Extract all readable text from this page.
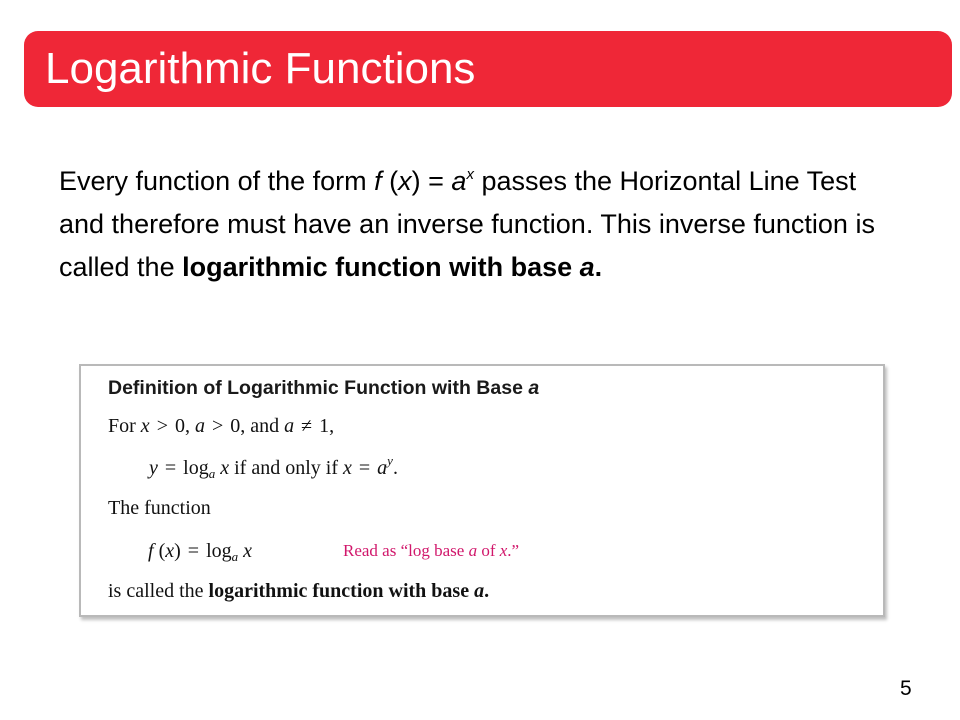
Logarithmic Functions

Every function of the form f $(x) = a^x$ passes the Horizontal Line Test and therefore must have an inverse function. This inverse function is called the logarithmic function with base a.

Definition of Logarithmic Function with Base a

For x > 0, a > 0, and a ≠ 1,

$y = \log_a x$ if and only if $x = a^y$.

The function

f $(x) = \log_a x$	Read as “log base a of x.”

is called the logarithmic function with base a.

5
